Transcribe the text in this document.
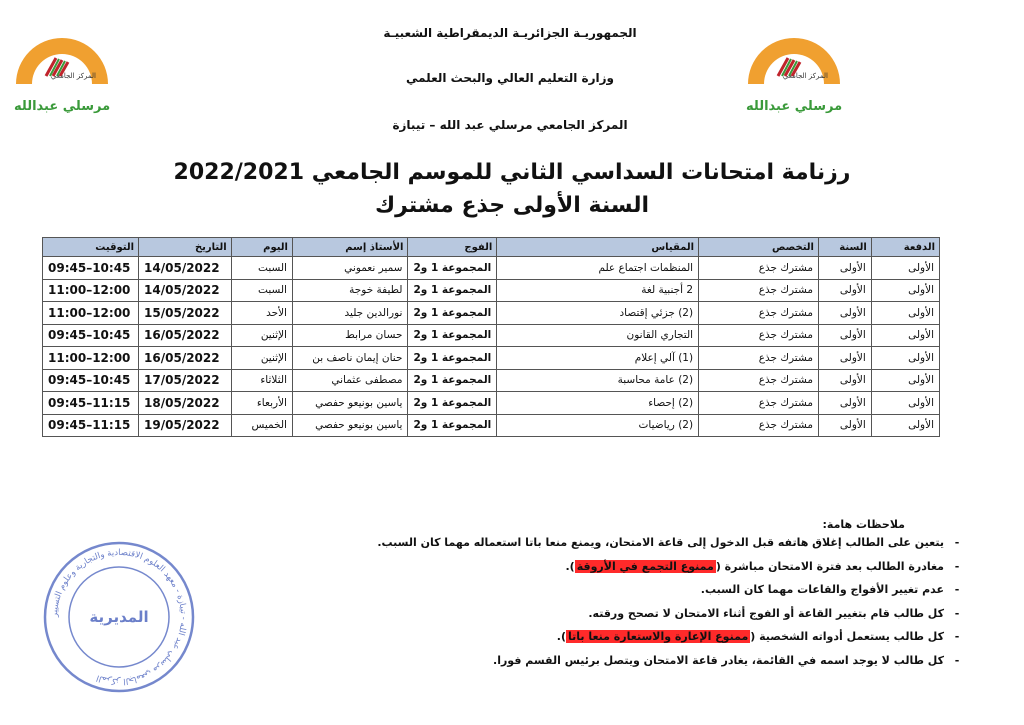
المركز الجامعي
مرسلي عبدالله
المركز الجامعي
مرسلي عبدالله
الجمهوريـة الجزائريـة الديمقراطية الشعبيـة
وزارة التعليم العالي والبحث العلمي
المركز الجامعي مرسلي عبد الله – تيبازة
رزنامة امتحانات السداسي الثاني للموسم الجامعي 2022/2021
السنة الأولى جذع مشترك
الدفعة	السنة	التخصص	المقياس	الفوج	الأستاذ إسم	اليوم	التاريخ	التوقيت
الأولى	الأولى	مشترك جذع	المنظمات اجتماع علم	المجموعة 1 و2	سمير نعموني	السبت	14/05/2022	09:45–10:45
الأولى	الأولى	مشترك جذع	2 أجنبية لغة	المجموعة 1 و2	لطيفة خوجة	السبت	14/05/2022	11:00–12:00
الأولى	الأولى	مشترك جذع	(2) جزئي إقتصاد	المجموعة 1 و2	نورالدين جليد	الأحد	15/05/2022	11:00–12:00
الأولى	الأولى	مشترك جذع	التجاري القانون	المجموعة 1 و2	حسان مرابط	الإثنين	16/05/2022	09:45–10:45
الأولى	الأولى	مشترك جذع	(1) آلي إعلام	المجموعة 1 و2	حنان إيمان ناصف بن	الإثنين	16/05/2022	11:00–12:00
الأولى	الأولى	مشترك جذع	(2) عامة محاسبة	المجموعة 1 و2	مصطفى عثماني	الثلاثاء	17/05/2022	09:45–10:45
الأولى	الأولى	مشترك جذع	(2) إحصاء	المجموعة 1 و2	ياسين بونيعو حفصي	الأربعاء	18/05/2022	09:45–11:15
الأولى	الأولى	مشترك جذع	(2) رياضيات	المجموعة 1 و2	ياسين بونيعو حفصي	الخميس	19/05/2022	09:45–11:15
ملاحظات هامة:
-يتعين على الطالب إغلاق هاتفه قبل الدخول إلى قاعة الامتحان، ويمنع منعا باتا استعماله مهما كان السبب.
-مغادرة الطالب بعد فترة الامتحان مباشرة (ممنوع التجمع في الأروقة).
-عدم تغيير الأفواج والقاعات مهما كان السبب.
-كل طالب قام بتغيير القاعة أو الفوج أثناء الامتحان لا تصحح ورقته.
-كل طالب يستعمل أدواته الشخصية (ممنوع الإعارة والاستعارة منعا باتا).
-كل طالب لا يوجد اسمه في القائمة، يغادر قاعة الامتحان ويتصل برئيس القسم فورا.
المركز الجامعي مرسلي عبد الله - تيبازة - معهد العلوم الاقتصادية والتجارية وعلوم التسيير
المديرية
